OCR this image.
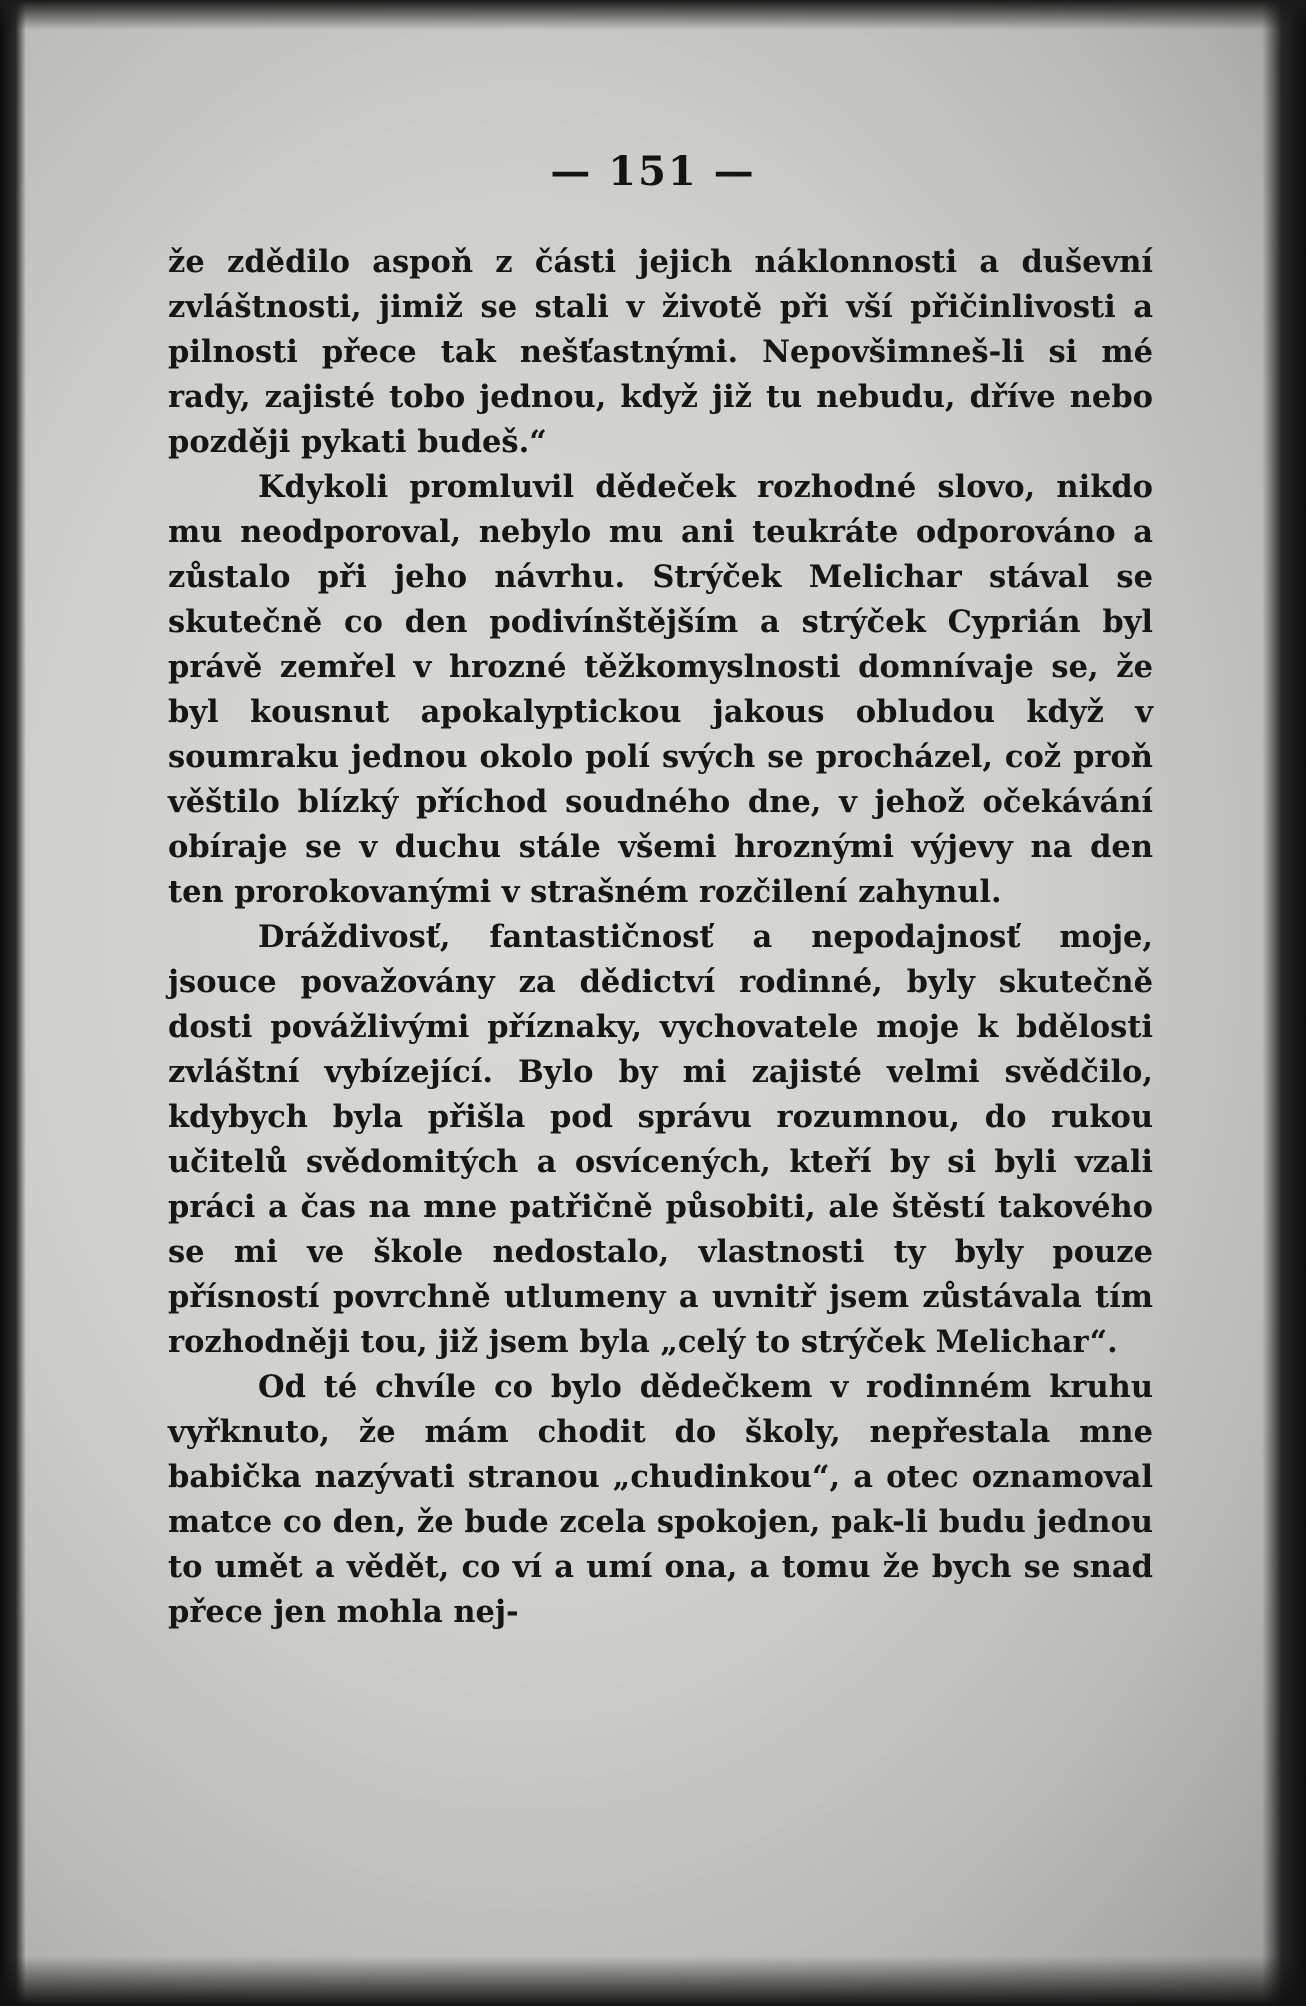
— 151 —

že zdědilo aspoň z části jejich náklonnosti a duševní zvláštnosti, jimiž se stali v životě při vší přičinlivosti a pilnosti přece tak nešťastnými. Nepovšimneš-li si mé rady, zajisté tobo jednou, když již tu nebudu, dříve nebo později pykati budeš.“

Kdykoli promluvil dědeček rozhodné slovo, nikdo mu neodporoval, nebylo mu ani teukráte odporováno a zůstalo při jeho návrhu. Strýček Melichar stával se skutečně co den podivínštějším a strýček Cyprián byl právě zemřel v hrozné těžkomyslnosti domnívaje se, že byl kousnut apokalyptickou jakous obludou když v soumraku jednou okolo polí svých se procházel, což proň věštilo blízký příchod soudného dne, v jehož očekávání obíraje se v duchu stále všemi hroznými výjevy na den ten prorokovanými v strašném rozčilení zahynul.

Dráždivosť, fantastičnosť a nepodajnosť moje, jsouce považovány za dědictví rodinné, byly skutečně dosti povážlivými příznaky, vychovatele moje k bdělosti zvláštní vybízející. Bylo by mi zajisté velmi svědčilo, kdybych byla přišla pod správu rozumnou, do rukou učitelů svědomitých a osvícených, kteří by si byli vzali práci a čas na mne patřičně působiti, ale štěstí takového se mi ve škole nedostalo, vlastnosti ty byly pouze přísností povrchně utlumeny a uvnitř jsem zůstávala tím rozhodněji tou, již jsem byla „celý to strýček Melichar“.

Od té chvíle co bylo dědečkem v rodinném kruhu vyřknuto, že mám chodit do školy, nepřestala mne babička nazývati stranou „chudinkou“, a otec oznamoval matce co den, že bude zcela spokojen, pak-li budu jednou to umět a vědět, co ví a umí ona, a tomu že bych se snad přece jen mohla nej-
